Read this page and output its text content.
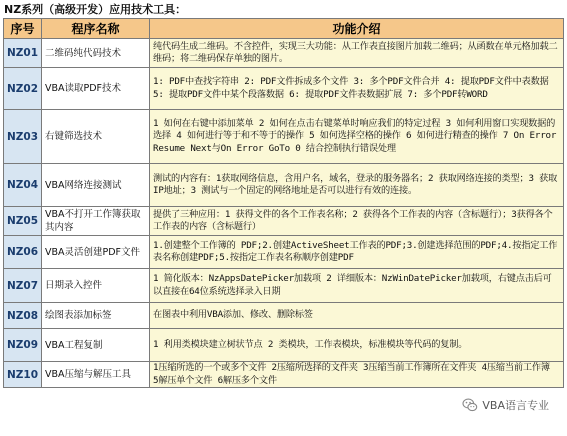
NZ系列（高级开发）应用技术工具：
序号	程序名称	功能介绍
NZ01	二维码纯代码技术	纯代码生成二维码。不含控件，实现三大功能：从工作表直接图片加载二维码；从函数在单元格加载二维码；将二维码保存单独的图片。
NZ02	VBA读取PDF技术	1: PDF中查找字符串 2: PDF文件拆成多个文件 3: 多个PDF文件合并 4: 提取PDF文件中表数据 5: 提取PDF文件中某个段落数据 6: 提取PDF文件表数据扩展 7: 多个PDF转WORD
NZ03	右键筛选技术	1 如何在右键中添加菜单 2 如何在点击右键菜单时响应我们的特定过程 3 如何利用窗口实现数据的选择 4 如何进行等于和不等于的操作 5 如何选择空格的操作 6 如何进行精查的操作 7 On Error Resume Next与On Error GoTo 0 结合控制执行错误处理
NZ04	VBA网络连接测试	测试的内容有：1获取网络信息，含用户名，域名，登录的服务器名；2 获取网络连接的类型；3 获取IP地址；3 测试与一个固定的网络地址是否可以进行有效的连接。
NZ05	VBA不打开工作簿获取其内容	提供了三种应用：1 获得文件的各个工作表名称；2 获得各个工作表的内容（含标题行）；3获得各个工作表的内容（含标题行）
NZ06	VBA灵活创建PDF文件	1.创建整个工作簿的 PDF;2.创建ActiveSheet工作表的PDF;3.创建选择范围的PDF;4.按指定工作表名称创建PDF;5.按指定工作表名称顺序创建PDF
NZ07	日期录入控件	1 简化版本：NzAppsDatePicker加载项 2 详细版本：NzWinDatePicker加载项，右键点击后可以直接在64位系统选择录入日期
NZ08	绘图表添加标签	在图表中利用VBA添加、修改、删除标签
NZ09	VBA工程复制	1 利用类模块建立树状节点 2 类模块，工作表模块，标准模块等代码的复制。
NZ10	VBA压缩与解压工具	1压缩所选的一个或多个文件 2压缩所选择的文件夹 3压缩当前工作簿所在文件夹 4压缩当前工作簿 5解压单个文件 6解压多个文件
VBA语言专业
